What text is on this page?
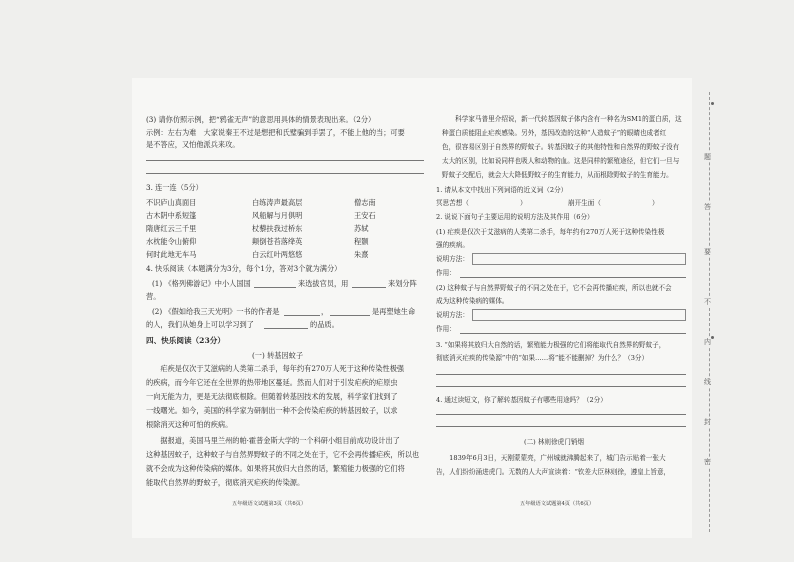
(3) 请你仿照示例，把“鸦雀无声”的意思用具体的情景表现出来。（2分）
示例：左右为难　大家说秦王不过是想把和氏璧骗到手罢了，不能上他的当；可要
是不答应，又怕他派兵来攻。
3. 连一连（5分）
不识庐山真面目	白练涛声最高层	僧志南
古木阴中系短篷	风船解与月俱明	王安石
隋唐红云三千里	杖藜扶我过桥东	苏轼
水枕能令山俯仰	颠倒苍苔落绛英	程颢
何时此地无车马	白云红叶两悠悠	朱熹
4. 快乐阅读（本题满分为3分，每个1分，答对3个就为满分）
(1) 《格列佛游记》中小人国国	来选拔官员，用	来划分阵
营。
(2) 《假如给我三天光明》一书的作者是	，	是再塑她生命
的人，我们从她身上可以学习到了	的品质。
四、快乐阅读（23分）
(一) 转基因蚊子
　　疟疾是仅次于艾滋病的人类第二杀手，每年约有270万人死于这种传染性极强
的疾病，而今年它还在全世界的热带地区蔓延。然而人们对于引发疟疾的疟原虫
一向无能为力，更是无法彻底根除。但随着转基因技术的发展，科学家们找到了
一线曙光。如今，美国的科学家为研制出一种不会传染疟疾的转基因蚊子，以求
根除消灭这种可怕的疾病。
　　据报道，美国马里兰州的帕·霍普金斯大学的一个科研小组目前成功设计出了
这种基因蚊子，这种蚊子与自然界野蚊子的不同之处在于，它不会再传播疟疾，所以也
就不会成为这种传染病的媒体。如果将其放归大自然的话，繁殖能力极强的它们将
能取代自然界的野蚊子，彻底消灭疟疾的传染源。
五年级语文试题第3页（共6页）
　　科学家马普里介绍说，新一代转基因蚊子体内含有一种名为SM1的蛋白质，这
种蛋白质能阻止疟疾感染。另外，基因改造的这种“人造蚊子”的眼睛也成者红
色，很容易区别于自然界的野蚊子。转基因蚊子的其他特性和自然界的野蚊子没有
太大的区别，比如说同样也吸人和动物的血。这是同样的繁殖途径，但它们一旦与
野蚊子交配后，就会大大降低野蚊子的生育能力，从而根除野蚊子的生育能力。
1. 请从本文中找出下列词语的近义词（2分）
冥思苦想（	）	崩开生面（	）
2. 说说下面句子主要运用的说明方法及其作用（6分）
(1) 疟疾是仅次于艾滋病的人类第二杀手，每年约有270万人死于这种传染性极
强的疾病。
说明方法：
作用：
(2) 这种蚊子与自然界野蚊子的不同之处在于，它不会再传播疟疾，所以也就不会
成为这种传染病的媒体。
说明方法：
作用：
3. “如果将其放归大自然的话，繁殖能力极强的它们将能取代自然界的野蚊子，
彻底消灭疟疾的传染源”中的“如果……将”能不能删掉？为什么？（3分）
4. 通过读短文，你了解转基因蚊子有哪些用途吗？（2分）
(二) 林则徐虎门销烟
　　1839年6月3日，天刚蒙蒙亮，广州城就沸腾起来了，城门告示贴着一张大
告，人们纷纷涌进虎门。无数的人大声宣读着：“钦差大臣林则徐，遵皇上旨意，
五年级语文试题第4页（共6页）
题
答
要
不
内
线
封
密
